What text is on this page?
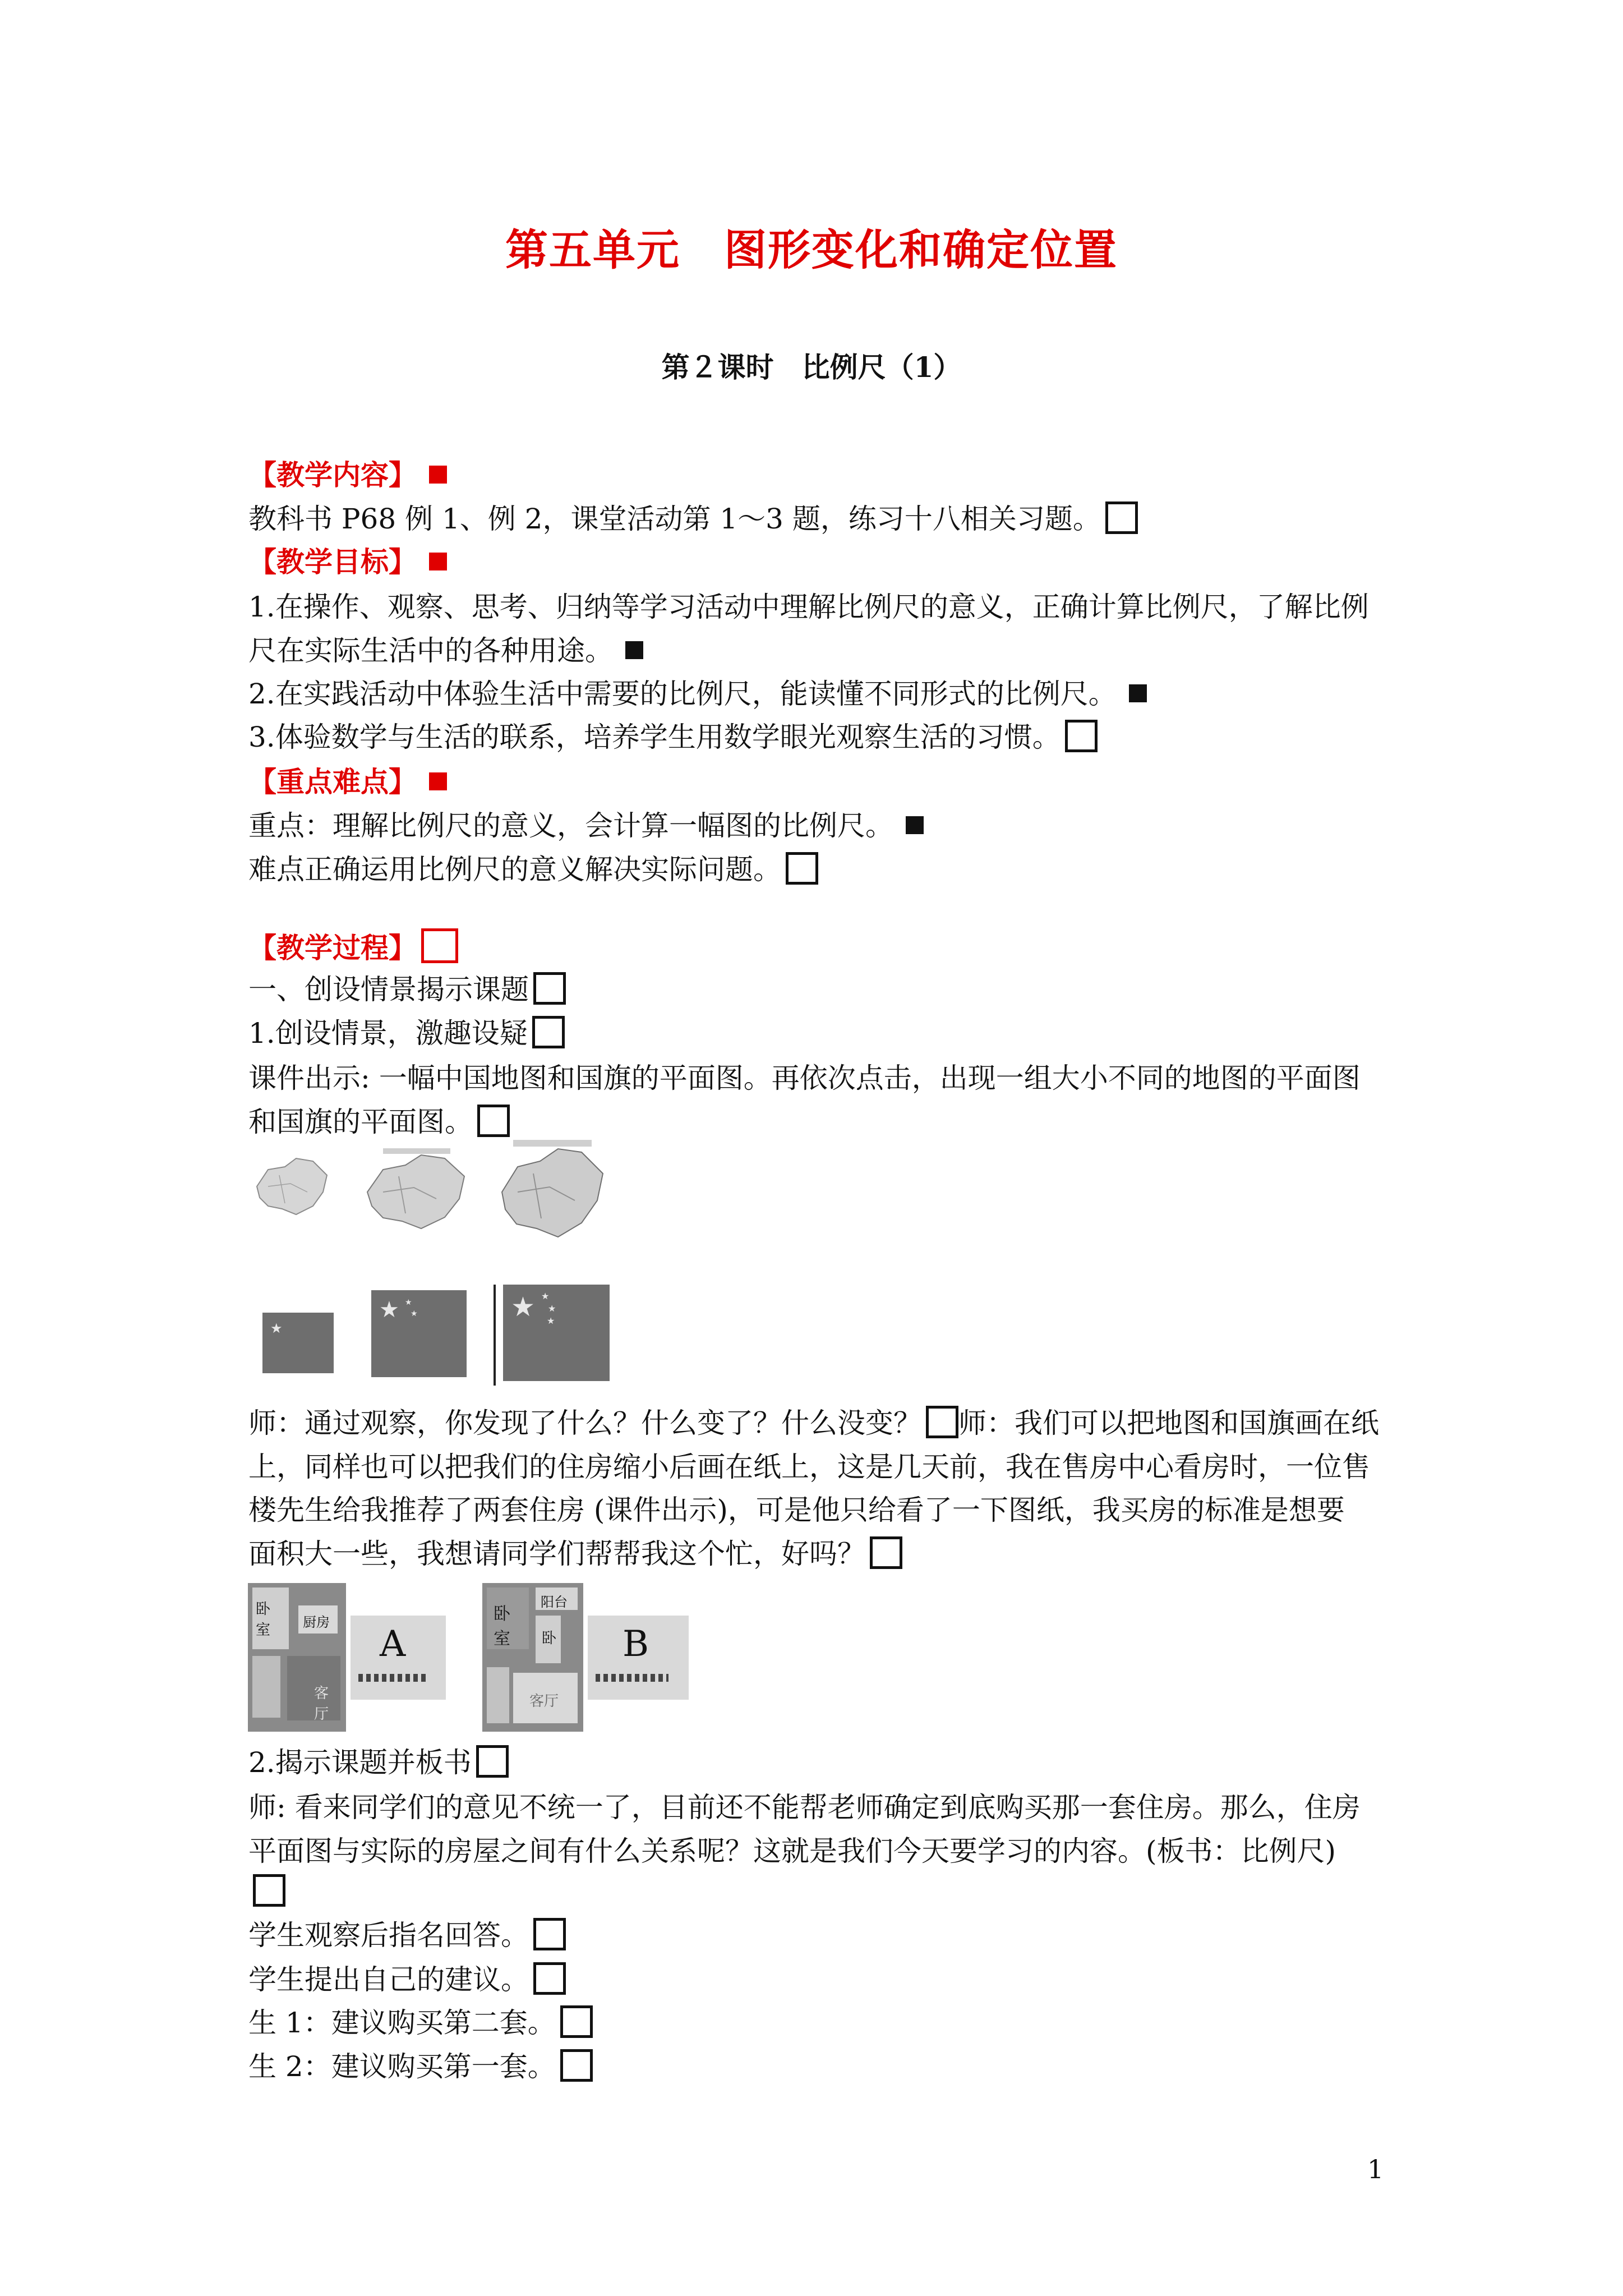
第五单元　图形变化和确定位置
第２课时　比例尺（1）
【教学内容】
教科书 P68 例 1、例 2，课堂活动第 1～3 题，练习十八相关习题。
【教学目标】
1.在操作、观察、思考、归纳等学习活动中理解比例尺的意义，正确计算比例尺，了解比例
尺在实际生活中的各种用途。
2.在实践活动中体验生活中需要的比例尺，能读懂不同形式的比例尺。
3.体验数学与生活的联系，培养学生用数学眼光观察生活的习惯。
【重点难点】
重点：理解比例尺的意义，会计算一幅图的比例尺。
难点正确运用比例尺的意义解决实际问题。
【教学过程】
一、创设情景揭示课题
1.创设情景，激趣设疑
课件出示: 一幅中国地图和国旗的平面图。再依次点击，出现一组大小不同的地图的平面图
和国旗的平面图。
★
★ ★
★	★ ★
★
★
师：通过观察，你发现了什么？什么变了？什么没变？ 师：我们可以把地图和国旗画在纸
上，同样也可以把我们的住房缩小后画在纸上，这是几天前，我在售房中心看房时，一位售
楼先生给我推荐了两套住房 (课件出示)，可是他只给看了一下图纸，我买房的标准是想要
面积大一些，我想请同学们帮帮我这个忙，好吗？
卧室	厨房
客厅
A
卧室
阳台
卧
客厅
B
2.揭示课题并板书
师: 看来同学们的意见不统一了，目前还不能帮老师确定到底购买那一套住房。那么，住房
平面图与实际的房屋之间有什么关系呢？这就是我们今天要学习的内容。(板书：比例尺)
学生观察后指名回答。
学生提出自己的建议。
生 1：建议购买第二套。
生 2：建议购买第一套。
1
